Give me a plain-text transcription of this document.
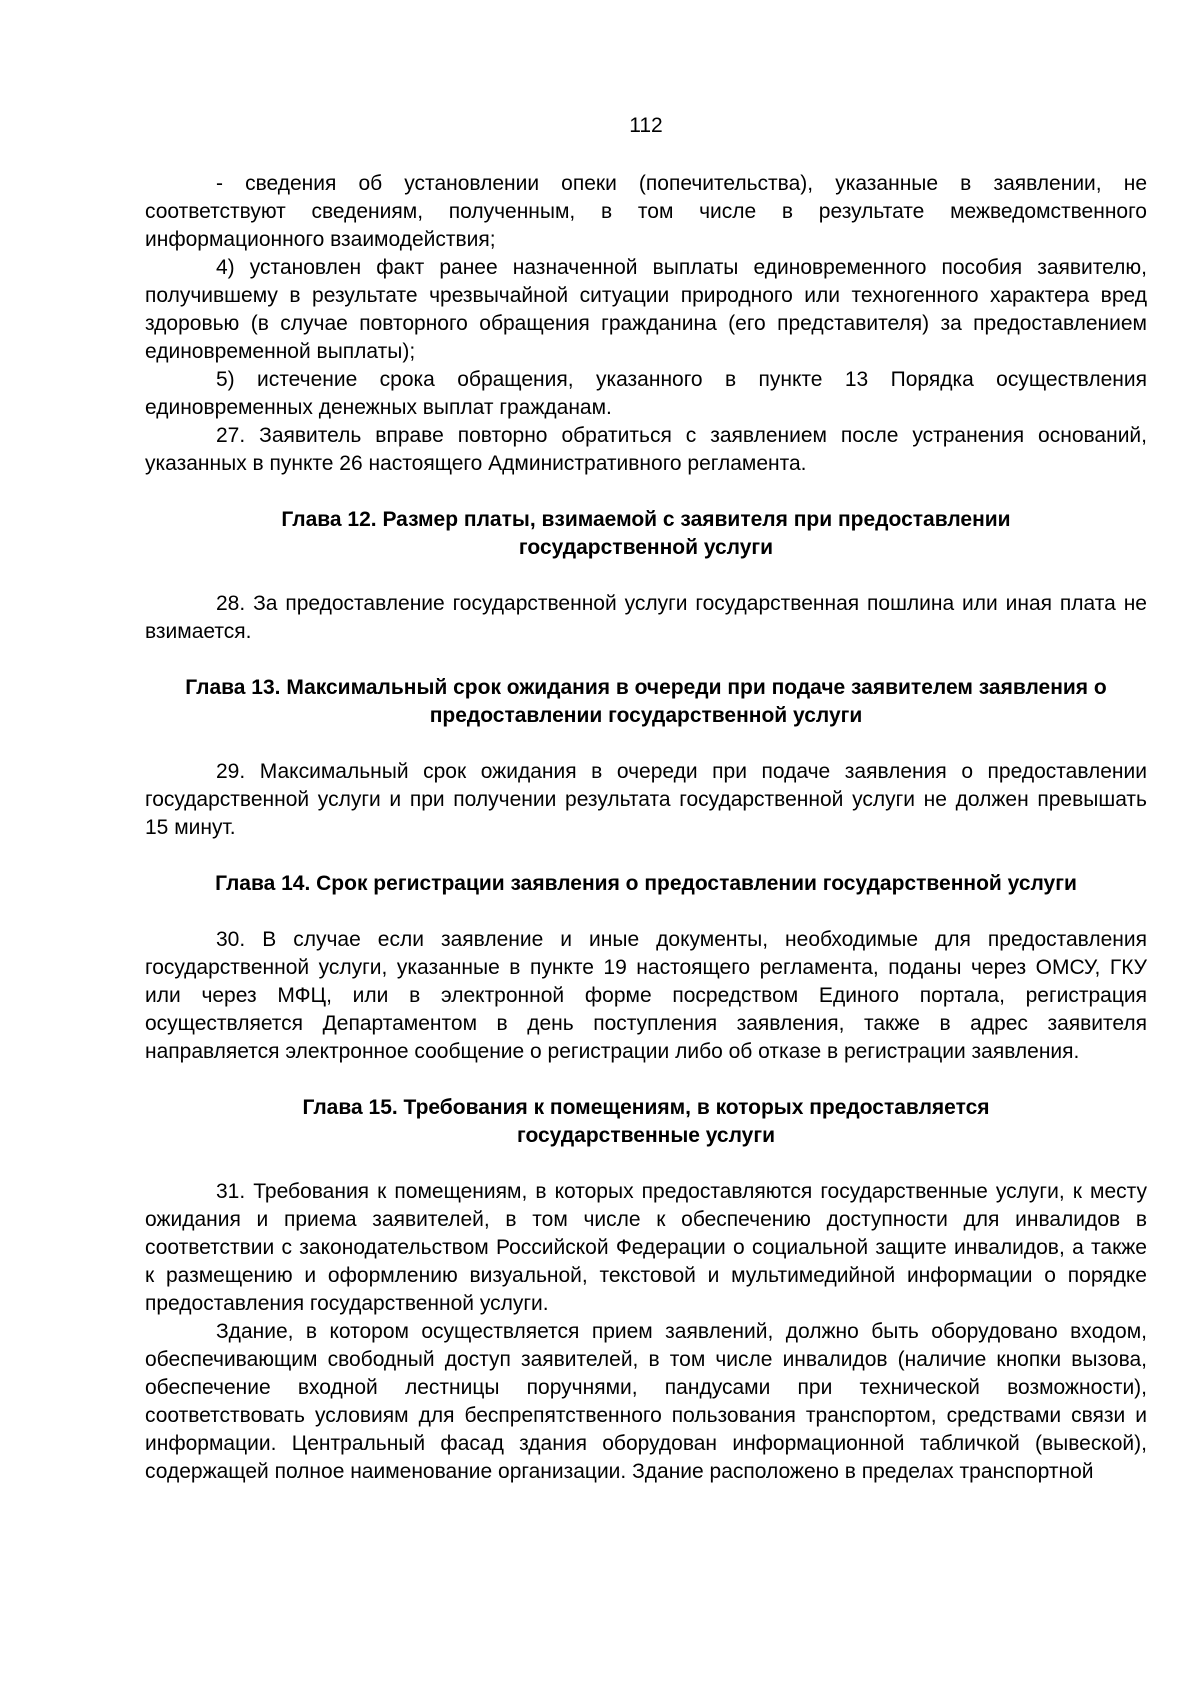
112

- сведения об установлении опеки (попечительства), указанные в заявлении, не соответствуют сведениям, полученным, в том числе в результате межведомственного информационного взаимодействия;

4) установлен факт ранее назначенной выплаты единовременного пособия заявителю, получившему в результате чрезвычайной ситуации природного или техногенного характера вред здоровью (в случае повторного обращения гражданина (его представителя) за предоставлением единовременной выплаты);

5) истечение срока обращения, указанного в пункте 13 Порядка осуществления единовременных денежных выплат гражданам.

27. Заявитель вправе повторно обратиться с заявлением после устранения оснований, указанных в пункте 26 настоящего Административного регламента.

Глава 12. Размер платы, взимаемой с заявителя при предоставлении государственной услуги

28. За предоставление государственной услуги государственная пошлина или иная плата не взимается.

Глава 13. Максимальный срок ожидания в очереди при подаче заявителем заявления о предоставлении государственной услуги

29. Максимальный срок ожидания в очереди при подаче заявления о предоставлении государственной услуги и при получении результата государственной услуги не должен превышать 15 минут.

Глава 14. Срок регистрации заявления о предоставлении государственной услуги

30. В случае если заявление и иные документы, необходимые для предоставления государственной услуги, указанные в пункте 19 настоящего регламента, поданы через ОМСУ, ГКУ или через МФЦ, или в электронной форме посредством Единого портала, регистрация осуществляется Департаментом в день поступления заявления, также в адрес заявителя направляется электронное сообщение о регистрации либо об отказе в регистрации заявления.

Глава 15. Требования к помещениям, в которых предоставляется государственные услуги

31. Требования к помещениям, в которых предоставляются государственные услуги, к месту ожидания и приема заявителей, в том числе к обеспечению доступности для инвалидов в соответствии с законодательством Российской Федерации о социальной защите инвалидов, а также к размещению и оформлению визуальной, текстовой и мультимедийной информации о порядке предоставления государственной услуги.

Здание, в котором осуществляется прием заявлений, должно быть оборудовано входом, обеспечивающим свободный доступ заявителей, в том числе инвалидов (наличие кнопки вызова, обеспечение входной лестницы поручнями, пандусами при технической возможности), соответствовать условиям для беспрепятственного пользования транспортом, средствами связи и информации. Центральный фасад здания оборудован информационной табличкой (вывеской), содержащей полное наименование организации. Здание расположено в пределах транспортной
